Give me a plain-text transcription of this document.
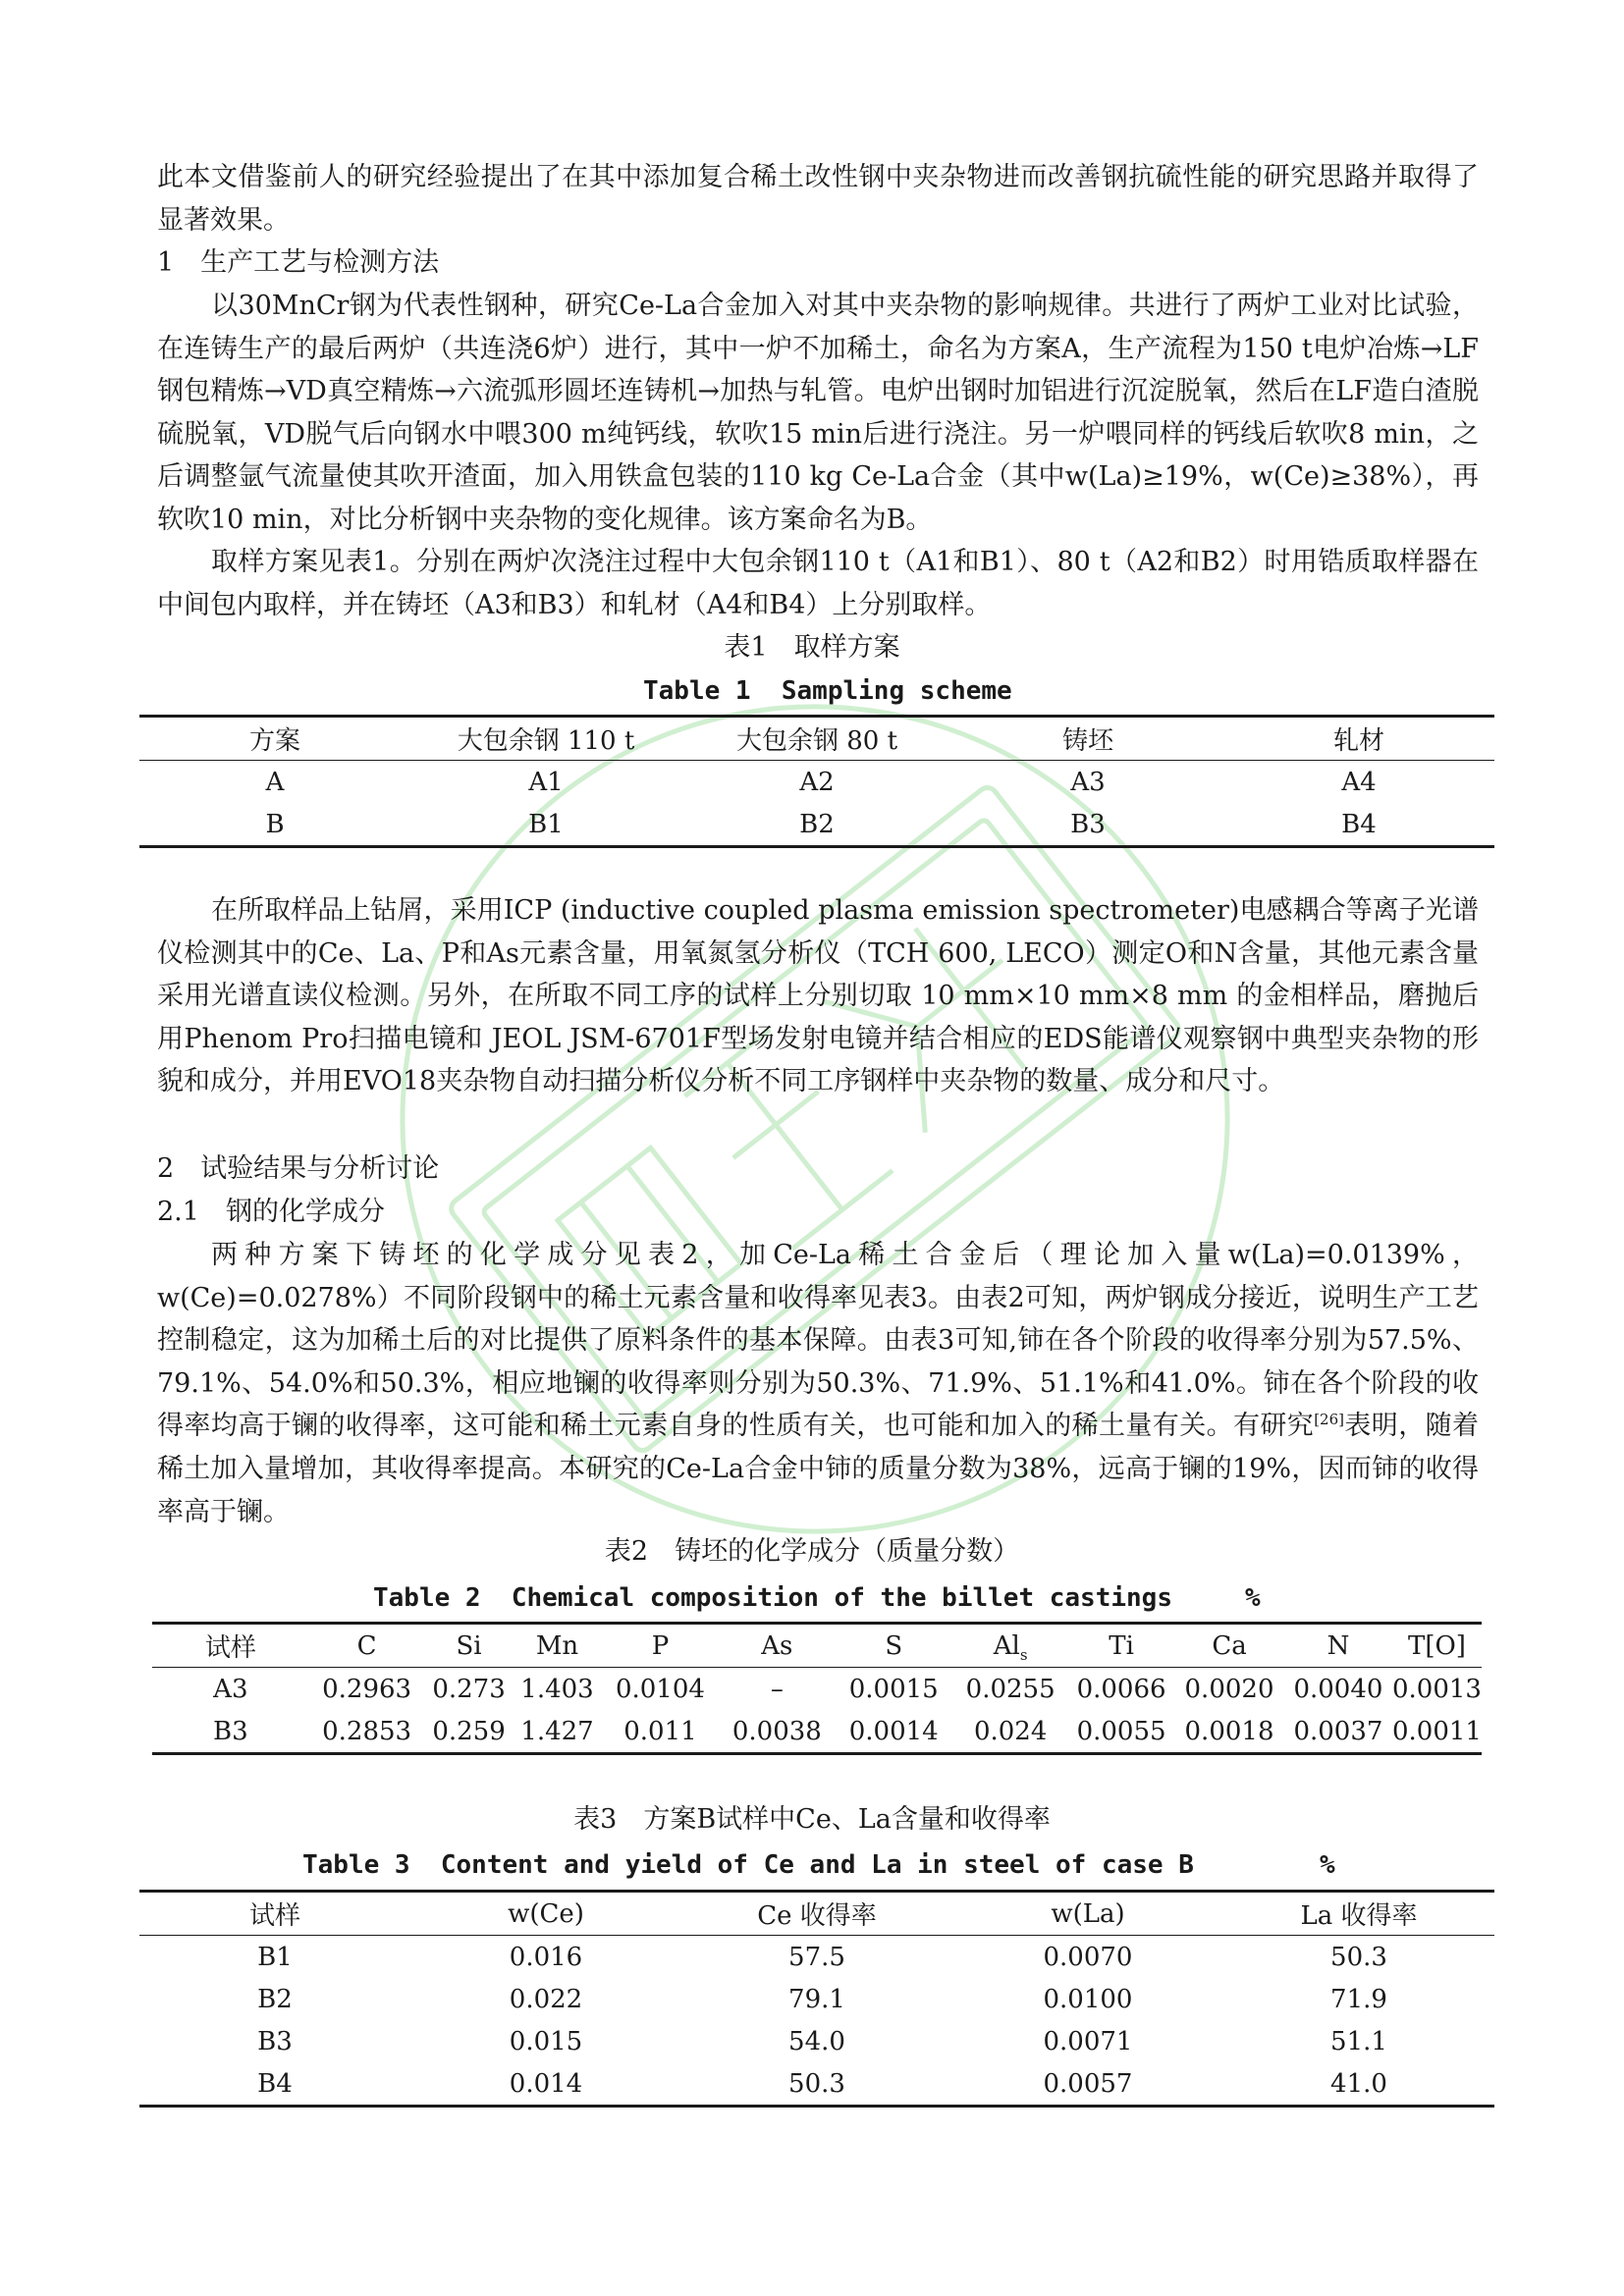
此本文借鉴前人的研究经验提出了在其中添加复合稀土改性钢中夹杂物进而改善钢抗硫性能的研究思路并取得了显著效果。

1　生产工艺与检测方法

以30MnCr钢为代表性钢种，研究Ce-La合金加入对其中夹杂物的影响规律。共进行了两炉工业对比试验，在连铸生产的最后两炉（共连浇6炉）进行，其中一炉不加稀土，命名为方案A，生产流程为150 t电炉冶炼→LF钢包精炼→VD真空精炼→六流弧形圆坯连铸机→加热与轧管。电炉出钢时加铝进行沉淀脱氧，然后在LF造白渣脱硫脱氧，VD脱气后向钢水中喂300 m纯钙线，软吹15 min后进行浇注。另一炉喂同样的钙线后软吹8 min，之后调整氩气流量使其吹开渣面，加入用铁盒包装的110 kg Ce-La合金（其中w(La)≥19%，w(Ce)≥38%），再软吹10 min，对比分析钢中夹杂物的变化规律。该方案命名为B。

取样方案见表1。分别在两炉次浇注过程中大包余钢110 t（A1和B1）、80 t（A2和B2）时用锆质取样器在中间包内取样，并在铸坯（A3和B3）和轧材（A4和B4）上分别取样。

表1　取样方案

Table 1  Sampling scheme

方案	大包余钢 110 t	大包余钢 80 t	铸坯	轧材
A	A1	A2	A3	A4
B	B1	B2	B3	B4

在所取样品上钻屑，采用ICP (inductive coupled plasma emission spectrometer)电感耦合等离子光谱仪检测其中的Ce、La、P和As元素含量，用氧氮氢分析仪（TCH 600, LECO）测定O和N含量，其他元素含量采用光谱直读仪检测。另外，在所取不同工序的试样上分别切取 10 mm×10 mm×8 mm 的金相样品，磨抛后用Phenom Pro扫描电镜和 JEOL JSM-6701F型场发射电镜并结合相应的EDS能谱仪观察钢中典型夹杂物的形貌和成分，并用EVO18夹杂物自动扫描分析仪分析不同工序钢样中夹杂物的数量、成分和尺寸。

2　试验结果与分析讨论

2.1　钢的化学成分

两种方案下铸坯的化学成分见表2，加Ce-La稀土合金后（理论加入量w(La)=0.0139%，w(Ce)=0.0278%）不同阶段钢中的稀土元素含量和收得率见表3。由表2可知，两炉钢成分接近，说明生产工艺控制稳定，这为加稀土后的对比提供了原料条件的基本保障。由表3可知,铈在各个阶段的收得率分别为57.5%、79.1%、54.0%和50.3%，相应地镧的收得率则分别为50.3%、71.9%、51.1%和41.0%。铈在各个阶段的收得率均高于镧的收得率，这可能和稀土元素自身的性质有关，也可能和加入的稀土量有关。有研究[26]表明，随着稀土加入量增加，其收得率提高。本研究的Ce-La合金中铈的质量分数为38%，远高于镧的19%，因而铈的收得率高于镧。

表2　铸坯的化学成分（质量分数）

Table 2  Chemical composition of the billet castings	%

试样	C	Si	Mn	P	As	S	$Al_s$	Ti	Ca	N	T[O]
A3	0.2963	0.273	1.403	0.0104	–	0.0015	0.0255	0.0066	0.0020	0.0040	0.0013
B3	0.2853	0.259	1.427	0.011	0.0038	0.0014	0.024	0.0055	0.0018	0.0037	0.0011

表3　方案B试样中Ce、La含量和收得率

Table 3  Content and yield of Ce and La in steel of case B	%

试样	w(Ce)	Ce 收得率	w(La)	La 收得率
B1	0.016	57.5	0.0070	50.3
B2	0.022	79.1	0.0100	71.9
B3	0.015	54.0	0.0071	51.1
B4	0.014	50.3	0.0057	41.0
